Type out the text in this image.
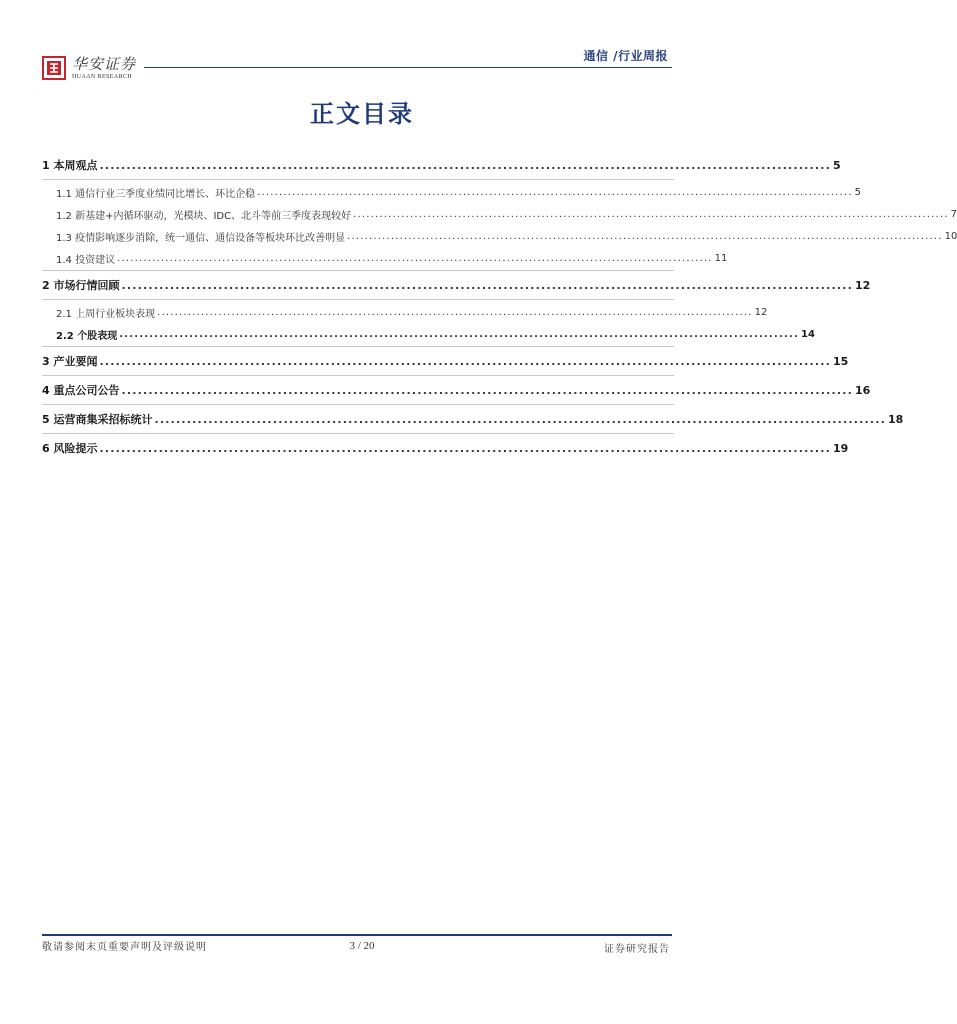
华安证券
HUAAN RESEARCH
通信 /行业周报
正文目录
1 本周观点 ........................................................................................................................................ 5
1.1 通信行业三季度业绩同比增长、环比企稳 ........................................................................................................................................ 5
1.2 新基建+内循环驱动，光模块、IDC、北斗等前三季度表现较好 ........................................................................................................................................ 7
1.3 疫情影响逐步消除，统一通信、通信设备等板块环比改善明显 ........................................................................................................................................ 10
1.4 投资建议 ........................................................................................................................................ 11
2 市场行情回顾 ........................................................................................................................................ 12
2.1 上周行业板块表现 ........................................................................................................................................ 12
2.2 个股表现 ........................................................................................................................................ 14
3 产业要闻 ........................................................................................................................................ 15
4 重点公司公告 ........................................................................................................................................ 16
5 运营商集采招标统计 ........................................................................................................................................ 18
6 风险提示 ........................................................................................................................................ 19
敬请参阅末页重要声明及评级说明	3 / 20	证券研究报告
